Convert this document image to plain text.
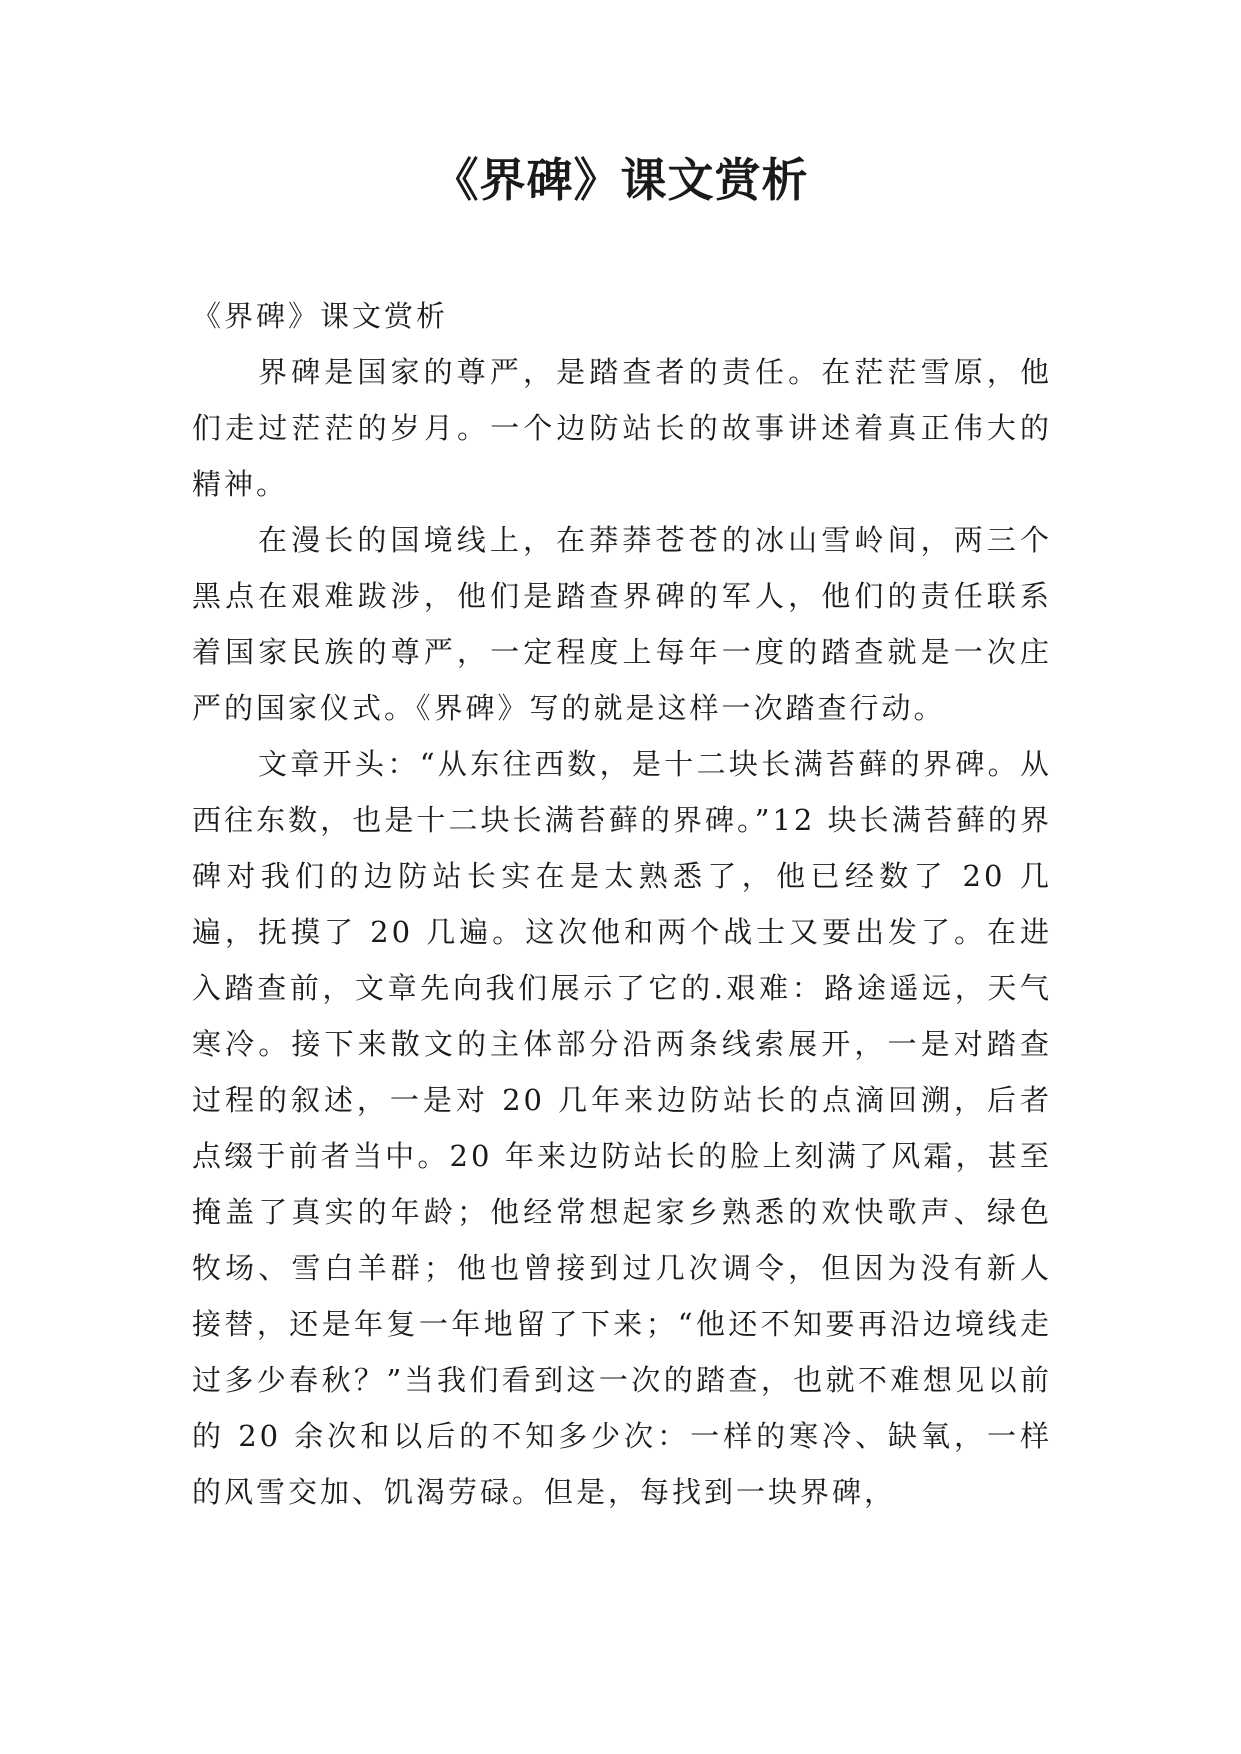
《界碑》课文赏析

《界碑》课文赏析

界碑是国家的尊严，是踏查者的责任。在茫茫雪原，他们走过茫茫的岁月。一个边防站长的故事讲述着真正伟大的精神。

在漫长的国境线上，在莽莽苍苍的冰山雪岭间，两三个黑点在艰难跋涉，他们是踏查界碑的军人，他们的责任联系着国家民族的尊严，一定程度上每年一度的踏查就是一次庄严的国家仪式。《界碑》写的就是这样一次踏查行动。

文章开头：“从东往西数，是十二块长满苔藓的界碑。从西往东数，也是十二块长满苔藓的界碑。”12 块长满苔藓的界碑对我们的边防站长实在是太熟悉了，他已经数了 20 几遍，抚摸了 20 几遍。这次他和两个战士又要出发了。在进入踏查前，文章先向我们展示了它的.艰难：路途遥远，天气寒冷。接下来散文的主体部分沿两条线索展开，一是对踏查过程的叙述，一是对 20 几年来边防站长的点滴回溯，后者点缀于前者当中。20 年来边防站长的脸上刻满了风霜，甚至掩盖了真实的年龄；他经常想起家乡熟悉的欢快歌声、绿色牧场、雪白羊群；他也曾接到过几次调令，但因为没有新人接替，还是年复一年地留了下来；“他还不知要再沿边境线走过多少春秋？”当我们看到这一次的踏查，也就不难想见以前的 20 余次和以后的不知多少次：一样的寒冷、缺氧，一样的风雪交加、饥渴劳碌。但是，每找到一块界碑，
